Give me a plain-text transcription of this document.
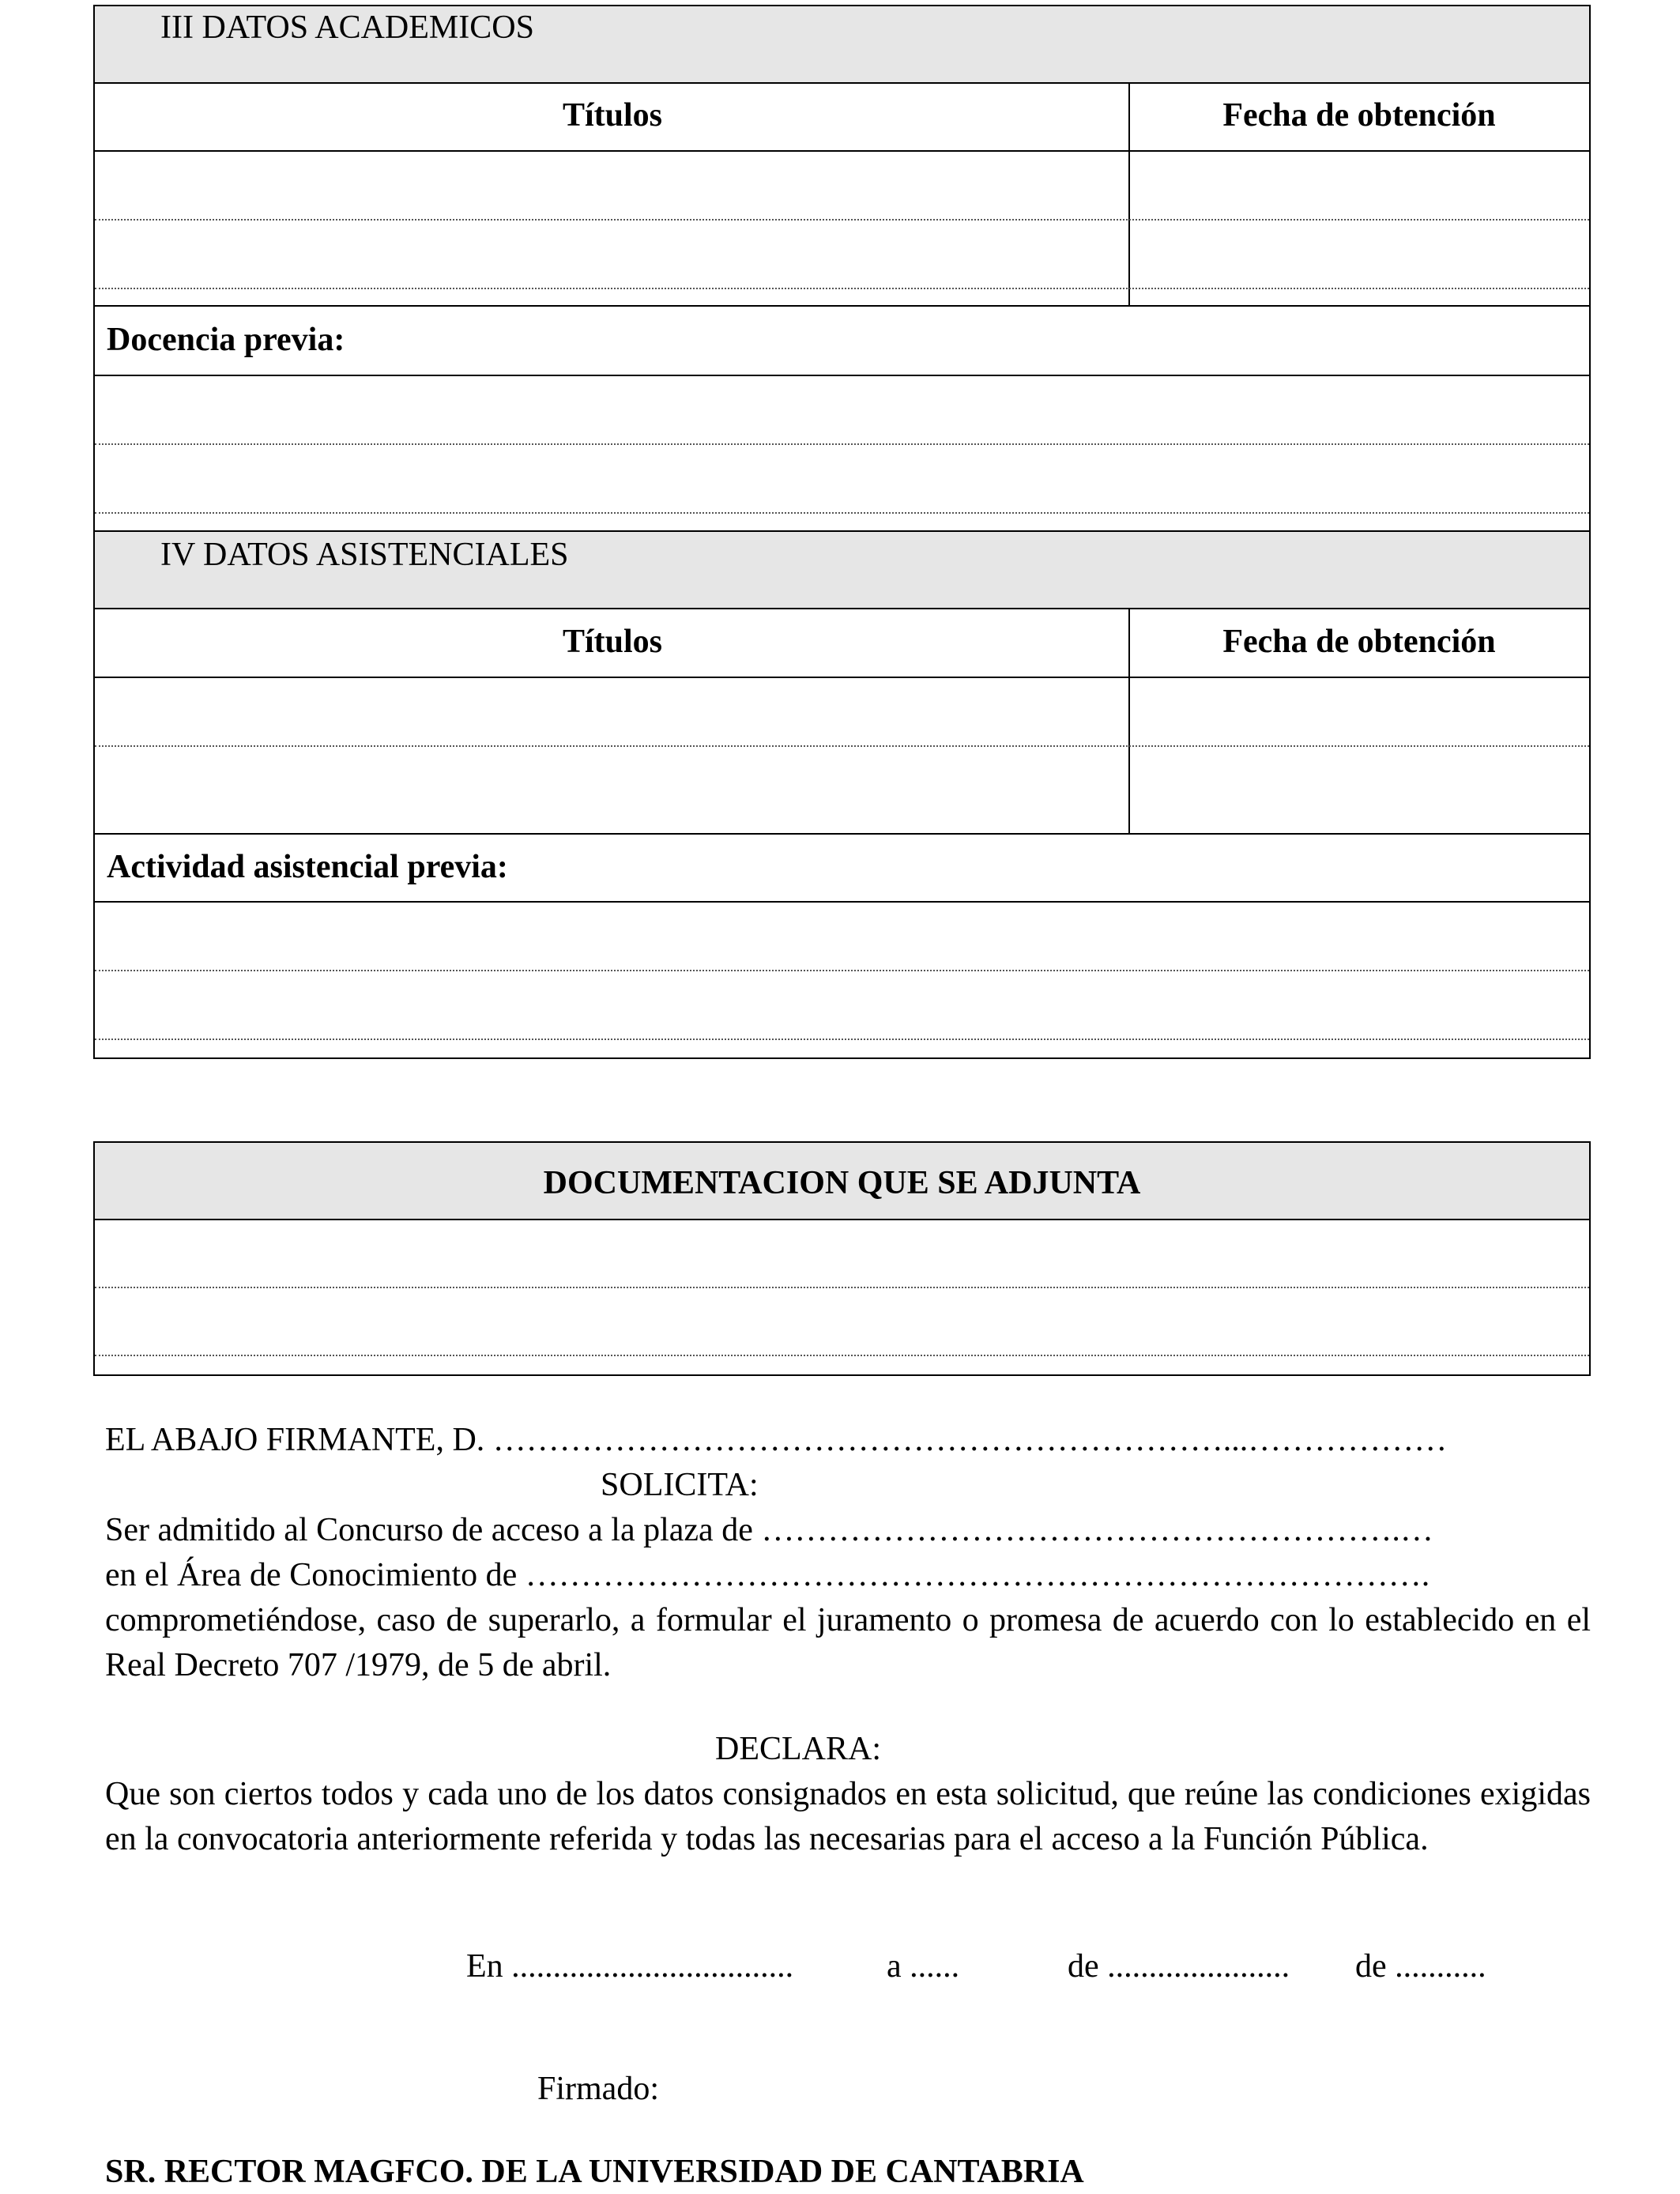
III DATOS ACADEMICOS
Títulos	Fecha de obtención
Docencia previa:
IV DATOS ASISTENCIALES
Títulos	Fecha de obtención
Actividad asistencial previa:
DOCUMENTACION QUE SE ADJUNTA
EL ABAJO FIRMANTE, D. …………………………………………………………...………………
SOLICITA:
Ser admitido al Concurso de acceso a la plaza de ………………………………………………….…
en el Área de Conocimiento de ……………………………………………………………………….
comprometiéndose, caso de superarlo, a formular el juramento o promesa de acuerdo con lo establecido en el Real Decreto 707 /1979, de 5 de abril.
DECLARA:
Que son ciertos todos y cada uno de los datos consignados en esta solicitud, que reúne las condiciones exigidas en la convocatoria anteriormente referida y todas las necesarias para el acceso a la Función Pública.
En ..................................	a ......	de ...................... de ...........
Firmado:
SR. RECTOR MAGFCO. DE LA UNIVERSIDAD DE CANTABRIA
